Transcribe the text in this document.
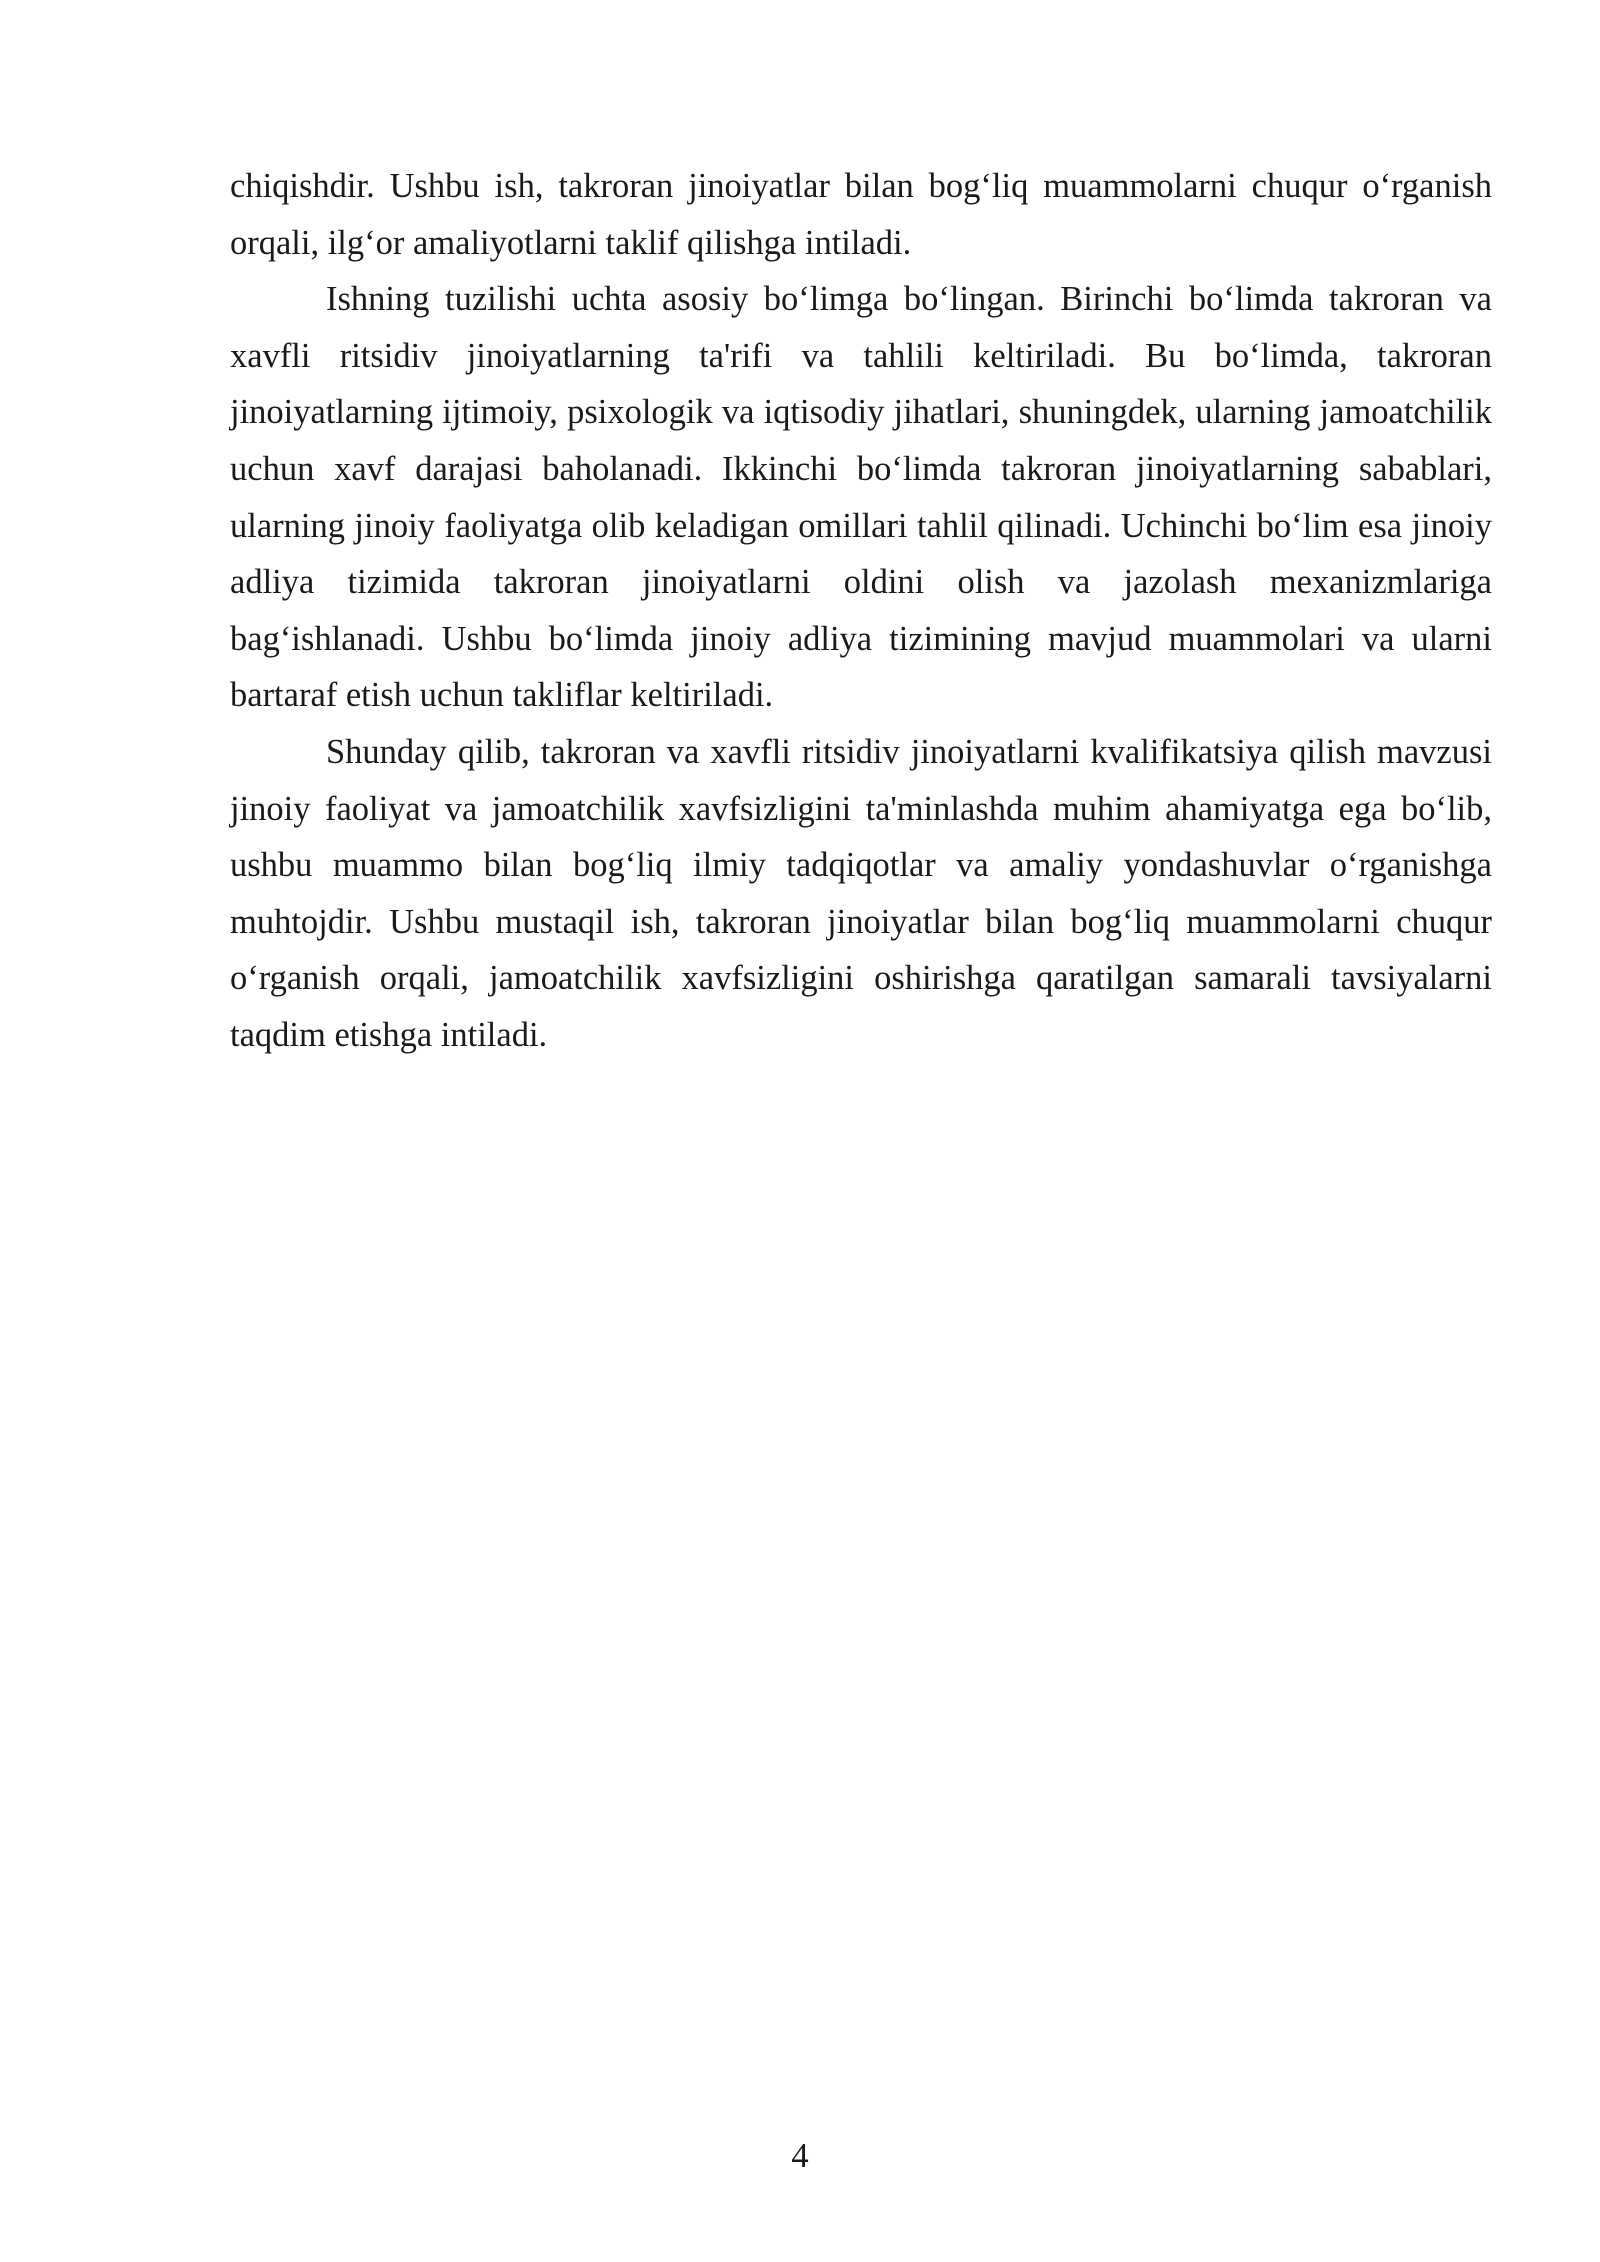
chiqishdir. Ushbu ish, takroran jinoiyatlar bilan bog‘liq muammolarni chuqur o‘rganish orqali, ilg‘or amaliyotlarni taklif qilishga intiladi.

Ishning tuzilishi uchta asosiy bo‘limga bo‘lingan. Birinchi bo‘limda takroran va xavfli ritsidiv jinoiyatlarning ta'rifi va tahlili keltiriladi. Bu bo‘limda, takroran jinoiyatlarning ijtimoiy, psixologik va iqtisodiy jihatlari, shuningdek, ularning jamoatchilik uchun xavf darajasi baholanadi. Ikkinchi bo‘limda takroran jinoiyatlarning sabablari, ularning jinoiy faoliyatga olib keladigan omillari tahlil qilinadi. Uchinchi bo‘lim esa jinoiy adliya tizimida takroran jinoiyatlarni oldini olish va jazolash mexanizmlariga bag‘ishlanadi. Ushbu bo‘limda jinoiy adliya tizimining mavjud muammolari va ularni bartaraf etish uchun takliflar keltiriladi.

Shunday qilib, takroran va xavfli ritsidiv jinoiyatlarni kvalifikatsiya qilish mavzusi jinoiy faoliyat va jamoatchilik xavfsizligini ta'minlashda muhim ahamiyatga ega bo‘lib, ushbu muammo bilan bog‘liq ilmiy tadqiqotlar va amaliy yondashuvlar o‘rganishga muhtojdir. Ushbu mustaqil ish, takroran jinoiyatlar bilan bog‘liq muammolarni chuqur o‘rganish orqali, jamoatchilik xavfsizligini oshirishga qaratilgan samarali tavsiyalarni taqdim etishga intiladi.

4
